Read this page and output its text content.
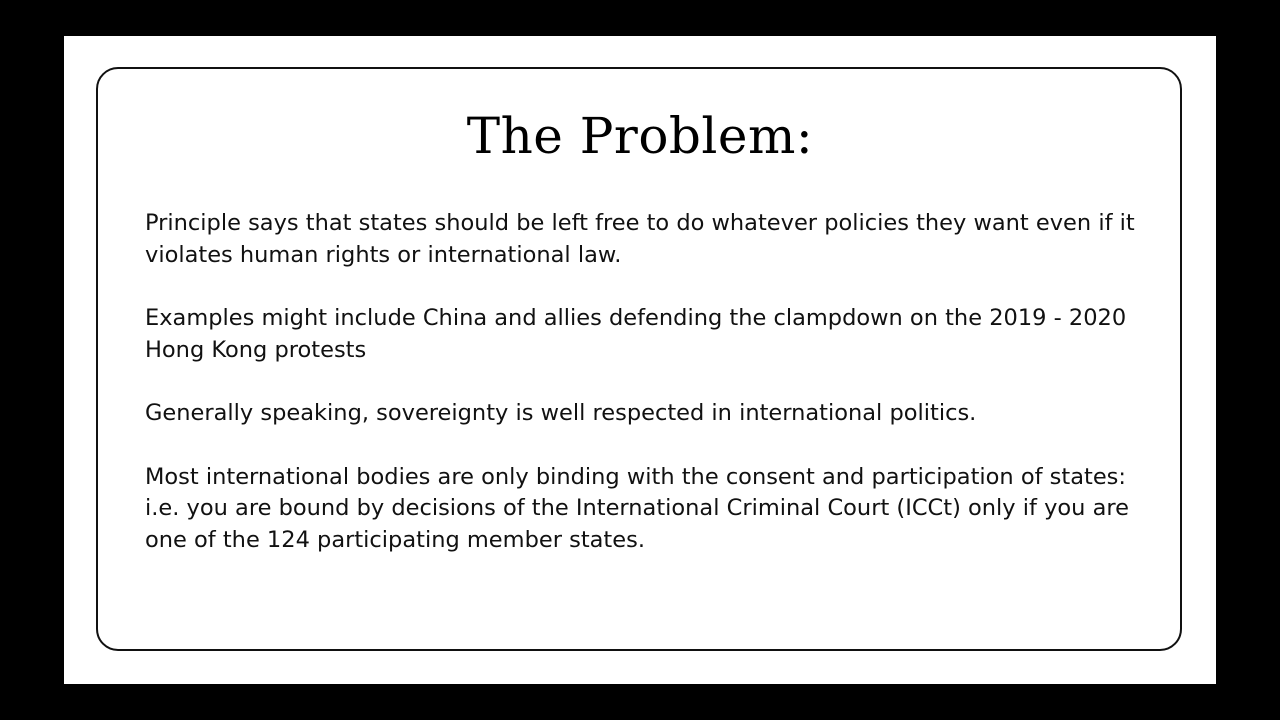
The Problem:

Principle says that states should be left free to do whatever policies they want even if it violates human rights or international law.

Examples might include China and allies defending the clampdown on the 2019 - 2020 Hong Kong protests

Generally speaking, sovereignty is well respected in international politics.

Most international bodies are only binding with the consent and participation of states: i.e. you are bound by decisions of the International Criminal Court (ICCt) only if you are one of the 124 participating member states.
